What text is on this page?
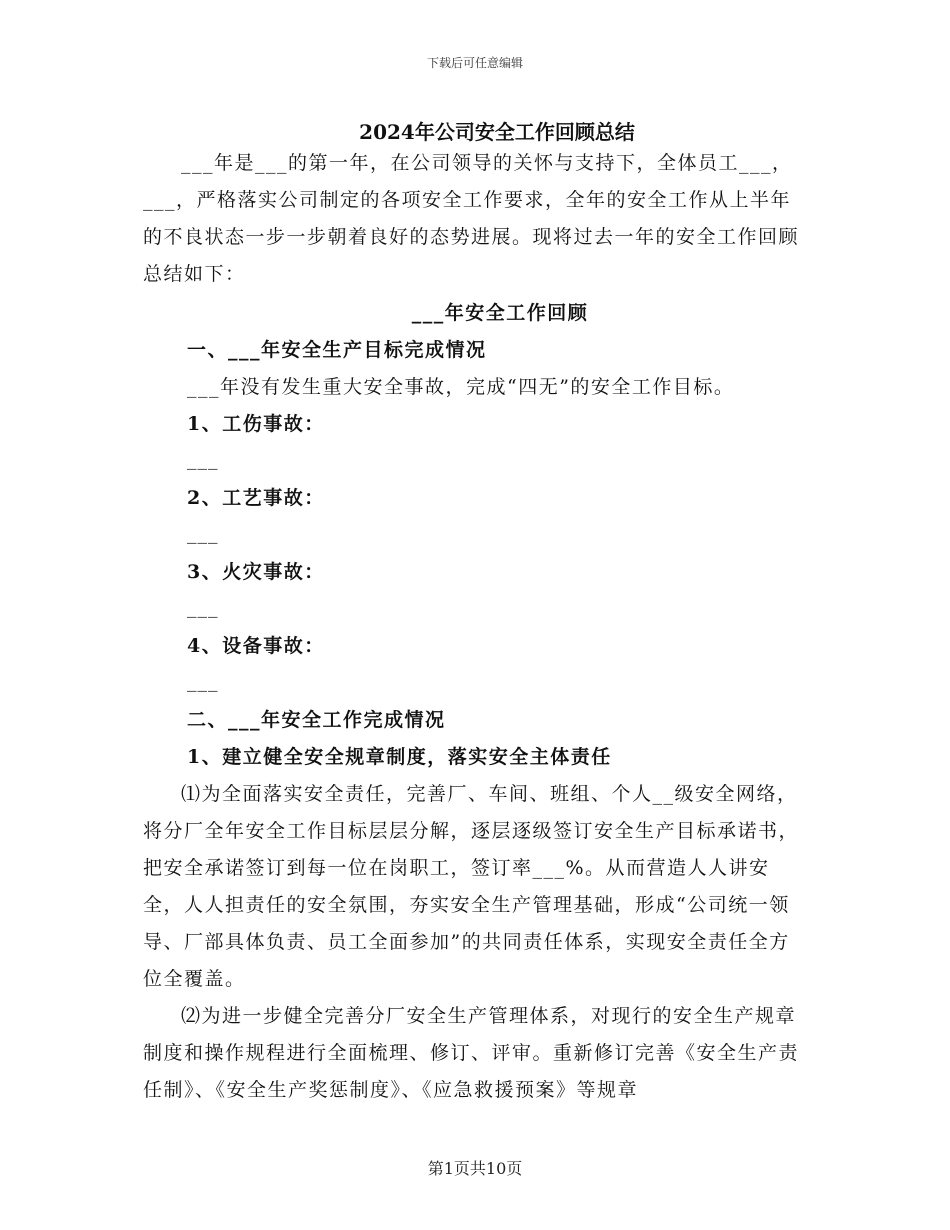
下载后可任意编辑
2024年公司安全工作回顾总结
___年是___的第一年，在公司领导的关怀与支持下，全体员工___，___，严格落实公司制定的各项安全工作要求，全年的安全工作从上半年的不良状态一步一步朝着良好的态势进展。现将过去一年的安全工作回顾总结如下：
___年安全工作回顾
一、___年安全生产目标完成情况
___年没有发生重大安全事故，完成“四无”的安全工作目标。
1、工伤事故：
___
2、工艺事故：
___
3、火灾事故：
___
4、设备事故：
___
二、___年安全工作完成情况
1、建立健全安全规章制度，落实安全主体责任
⑴为全面落实安全责任，完善厂、车间、班组、个人__级安全网络，将分厂全年安全工作目标层层分解，逐层逐级签订安全生产目标承诺书，把安全承诺签订到每一位在岗职工，签订率___%。从而营造人人讲安全，人人担责任的安全氛围，夯实安全生产管理基础，形成“公司统一领导、厂部具体负责、员工全面参加”的共同责任体系，实现安全责任全方位全覆盖。
⑵为进一步健全完善分厂安全生产管理体系，对现行的安全生产规章制度和操作规程进行全面梳理、修订、评审。重新修订完善《安全生产责任制》、《安全生产奖惩制度》、《应急救援预案》等规章
第1页共10页
